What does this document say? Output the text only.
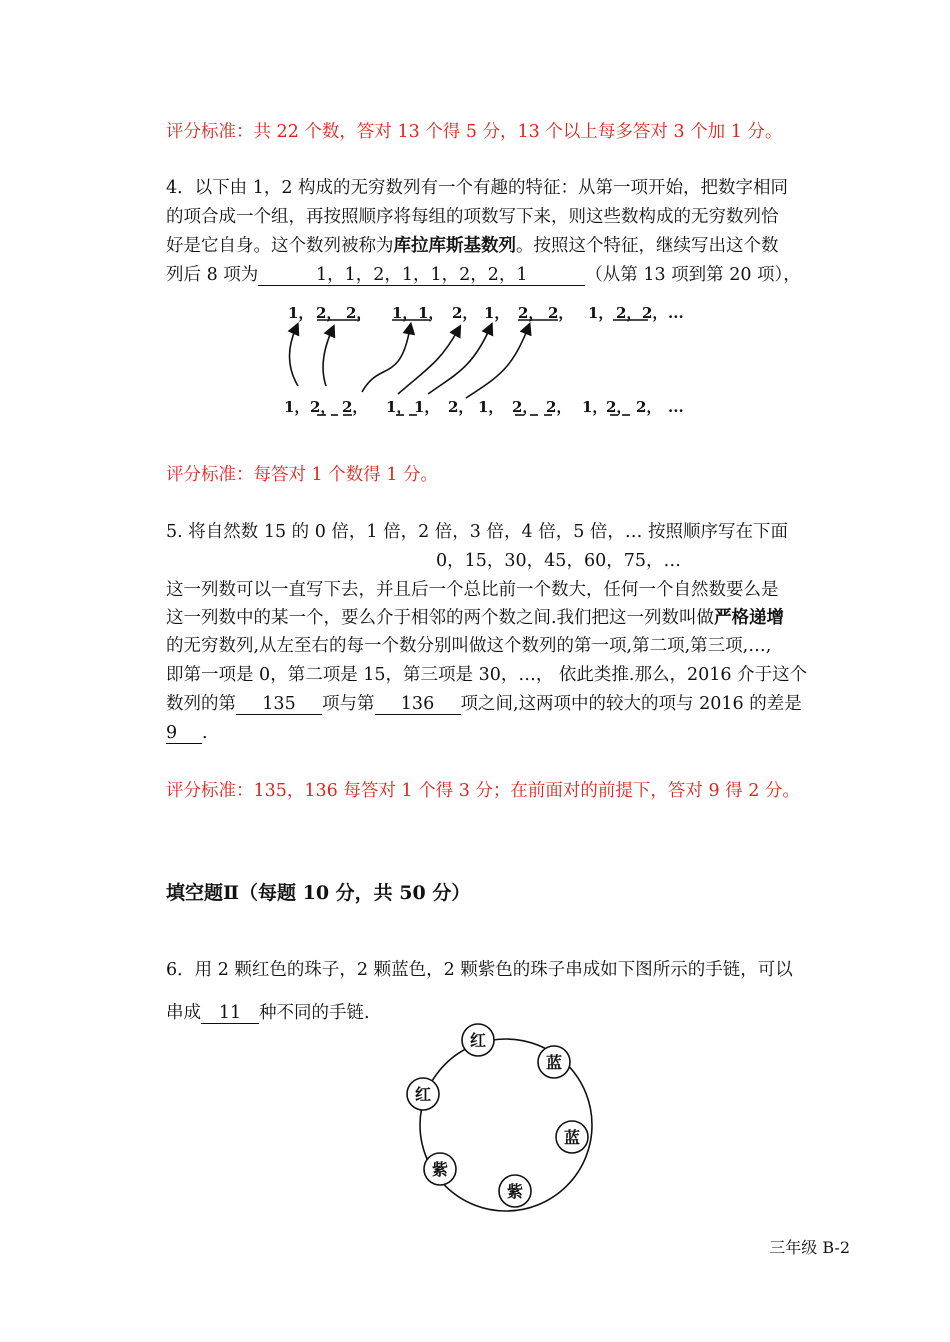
评分标准：共 22 个数，答对 13 个得 5 分，13 个以上每多答对 3 个加 1 分。
4．以下由 1，2 构成的无穷数列有一个有趣的特征：从第一项开始，把数字相同
的项合成一个组，再按照顺序将每组的项数写下来，则这些数构成的无穷数列恰
好是它自身。这个数列被称为库拉库斯基数列。按照这个特征，继续写出这个数
列后 8 项为	1，1，2，1，1，2，2，1	（从第 13 项到第 20 项），
1， 2， 2， 1， 1， 2， 1， 2， 2， 1， 2， 2， ...
1， 2， 2， 1， 1， 2， 1， 2， 2， 1，
2， 2， ...
评分标准：每答对 1 个数得 1 分。
5. 将自然数 15 的 0 倍，1 倍，2 倍，3 倍，4 倍，5 倍，… 按照顺序写在下面
0，15，30，45，60，75，…
这一列数可以一直写下去，并且后一个总比前一个数大，任何一个自然数要么是
这一列数中的某一个，要么介于相邻的两个数之间.我们把这一列数叫做严格递增
的无穷数列,从左至右的每一个数分别叫做这个数列的第一项,第二项,第三项,…,
即第一项是 0，第二项是 15，第三项是 30，…， 依此类推.那么，2016 介于这个
数列的第 135 项与第 136 项之间,这两项中的较大的项与 2016 的差是
9 .
评分标准：135，136 每答对 1 个得 3 分；在前面对的前提下，答对 9 得 2 分。
填空题Ⅱ（每题 10 分，共 50 分）
6．用 2 颗红色的珠子，2 颗蓝色，2 颗紫色的珠子串成如下图所示的手链，可以
串成 11 种不同的手链.
红
蓝
蓝
紫
紫
红
三年级 B-2
